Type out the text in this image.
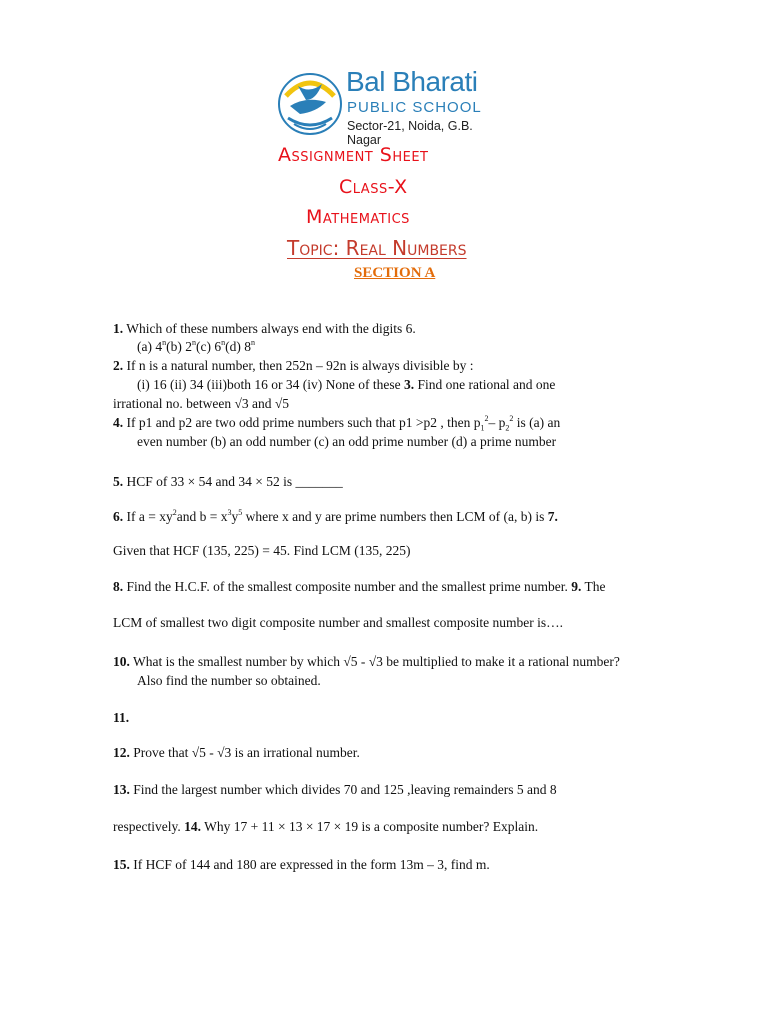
Bal Bharati
PUBLIC SCHOOL
Sector-21, Noida, G.B. Nagar
Assignment Sheet
Class-X
Mathematics
Topic: Real Numbers
SECTION A
1. Which of these numbers always end with the digits 6.
(a) 4$^n$(b) 2$^n$(c) 6$^n$(d) 8$^n$
2. If n is a natural number, then 252n – 92n is always divisible by :
(i) 16 (ii) 34 (iii)both 16 or 34 (iv) None of these 3. Find one rational and one
irrational no. between √3 and √5
4. If p1 and p2 are two odd prime numbers such that p1 >p2 , then $p_1^2-$ $p_2^2$ is (a) an
even number (b) an odd number (c) an odd prime number (d) a prime number
5. HCF of 33 × 54 and 34 × 52 is _______
6. If $a = xy^2and$ $b = x^3y^5$ where x and y are prime numbers then LCM of (a, b) is 7.
Given that HCF (135, 225) = 45. Find LCM (135, 225)
8. Find the H.C.F. of the smallest composite number and the smallest prime number. 9. The
LCM of smallest two digit composite number and smallest composite number is….
10. What is the smallest number by which √5 - √3 be multiplied to make it a rational number?
Also find the number so obtained.
11.
12. Prove that √5 - √3 is an irrational number.
13. Find the largest number which divides 70 and 125 ,leaving remainders 5 and 8
respectively. 14. Why 17 + 11 × 13 × 17 × 19 is a composite number? Explain.
15. If HCF of 144 and 180 are expressed in the form 13m – 3, find m.
